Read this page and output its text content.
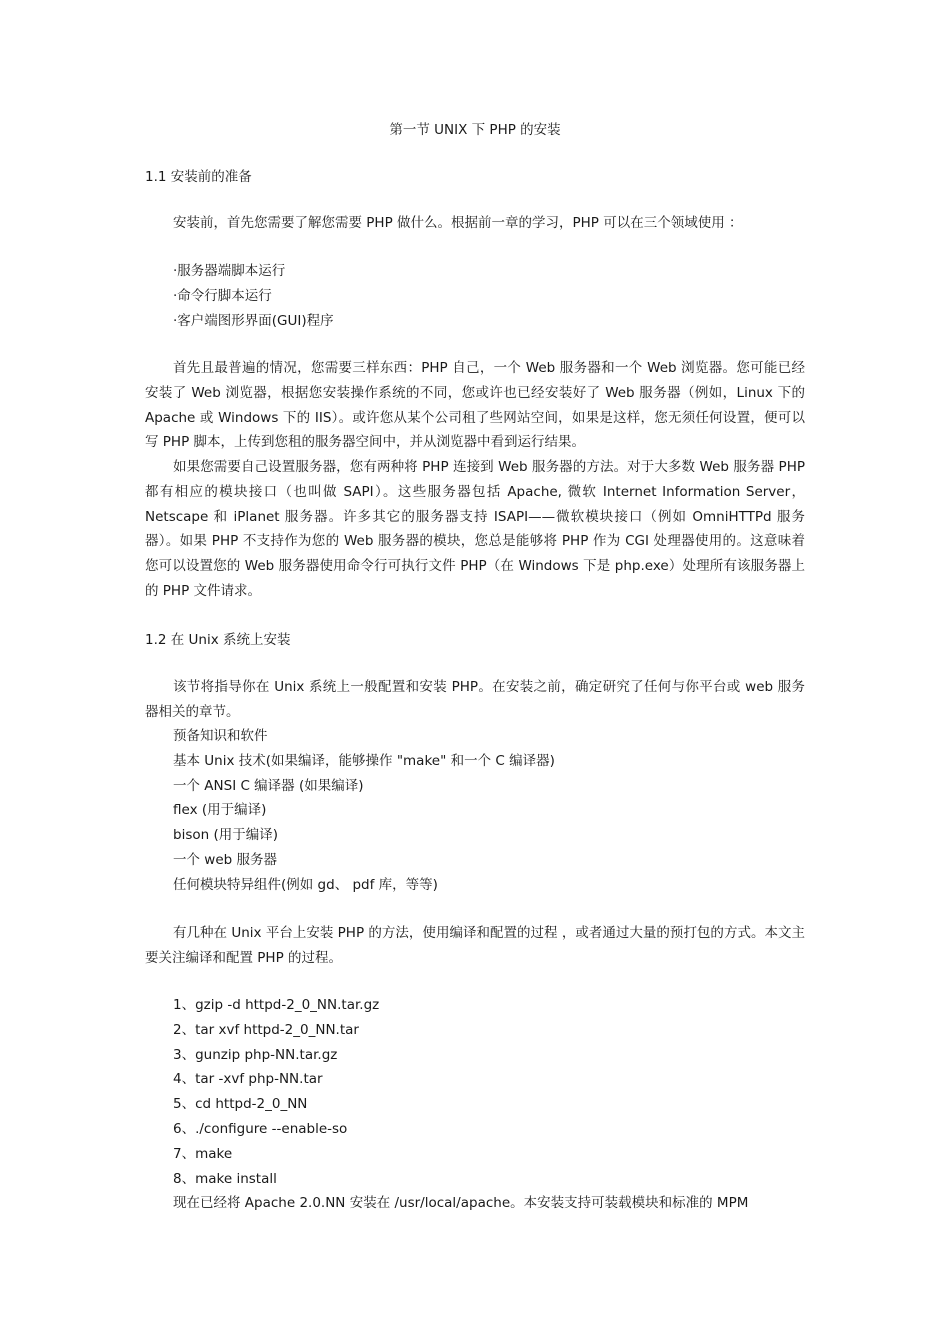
第一节 UNIX 下 PHP 的安装
1.1 安装前的准备
安装前，首先您需要了解您需要 PHP 做什么。根据前一章的学习，PHP 可以在三个领域使用 ：
·服务器端脚本运行
·命令行脚本运行
·客户端图形界面(GUI)程序
首先且最普遍的情况，您需要三样东西：PHP 自己，一个 Web 服务器和一个 Web 浏览器。您可能已经安装了 Web 浏览器，根据您安装操作系统的不同，您或许也已经安装好了 Web 服务器（例如，Linux 下的 Apache 或 Windows 下的 IIS）。或许您从某个公司租了些网站空间，如果是这样，您无须任何设置，便可以写 PHP 脚本，上传到您租的服务器空间中，并从浏览器中看到运行结果。
如果您需要自己设置服务器，您有两种将 PHP 连接到 Web 服务器的方法。对于大多数 Web 服务器 PHP 都有相应的模块接口（也叫做 SAPI）。这些服务器包括 Apache, 微软 Internet Information Server，Netscape 和 iPlanet 服务器。许多其它的服务器支持 ISAPI——微软模块接口（例如 OmniHTTPd 服务器）。如果 PHP 不支持作为您的 Web 服务器的模块，您总是能够将 PHP 作为 CGI 处理器使用的。这意味着您可以设置您的 Web 服务器使用命令行可执行文件 PHP（在 Windows 下是 php.exe）处理所有该服务器上的 PHP 文件请求。
1.2 在 Unix 系统上安装
该节将指导你在 Unix 系统上一般配置和安装 PHP。在安装之前，确定研究了任何与你平台或 web 服务器相关的章节。
预备知识和软件
基本 Unix 技术(如果编译，能够操作 "make" 和一个 C 编译器)
一个 ANSI C 编译器 (如果编译)
flex (用于编译)
bison (用于编译)
一个 web 服务器
任何模块特异组件(例如 gd、 pdf 库，等等)
有几种在 Unix 平台上安装 PHP 的方法，使用编译和配置的过程 ，或者通过大量的预打包的方式。本文主要关注编译和配置 PHP 的过程。
1、gzip -d httpd-2_0_NN.tar.gz
2、tar xvf httpd-2_0_NN.tar
3、gunzip php-NN.tar.gz
4、tar -xvf php-NN.tar
5、cd httpd-2_0_NN
6、./configure --enable-so
7、make
8、make install
现在已经将 Apache 2.0.NN 安装在 /usr/local/apache。本安装支持可装载模块和标准的 MPM
